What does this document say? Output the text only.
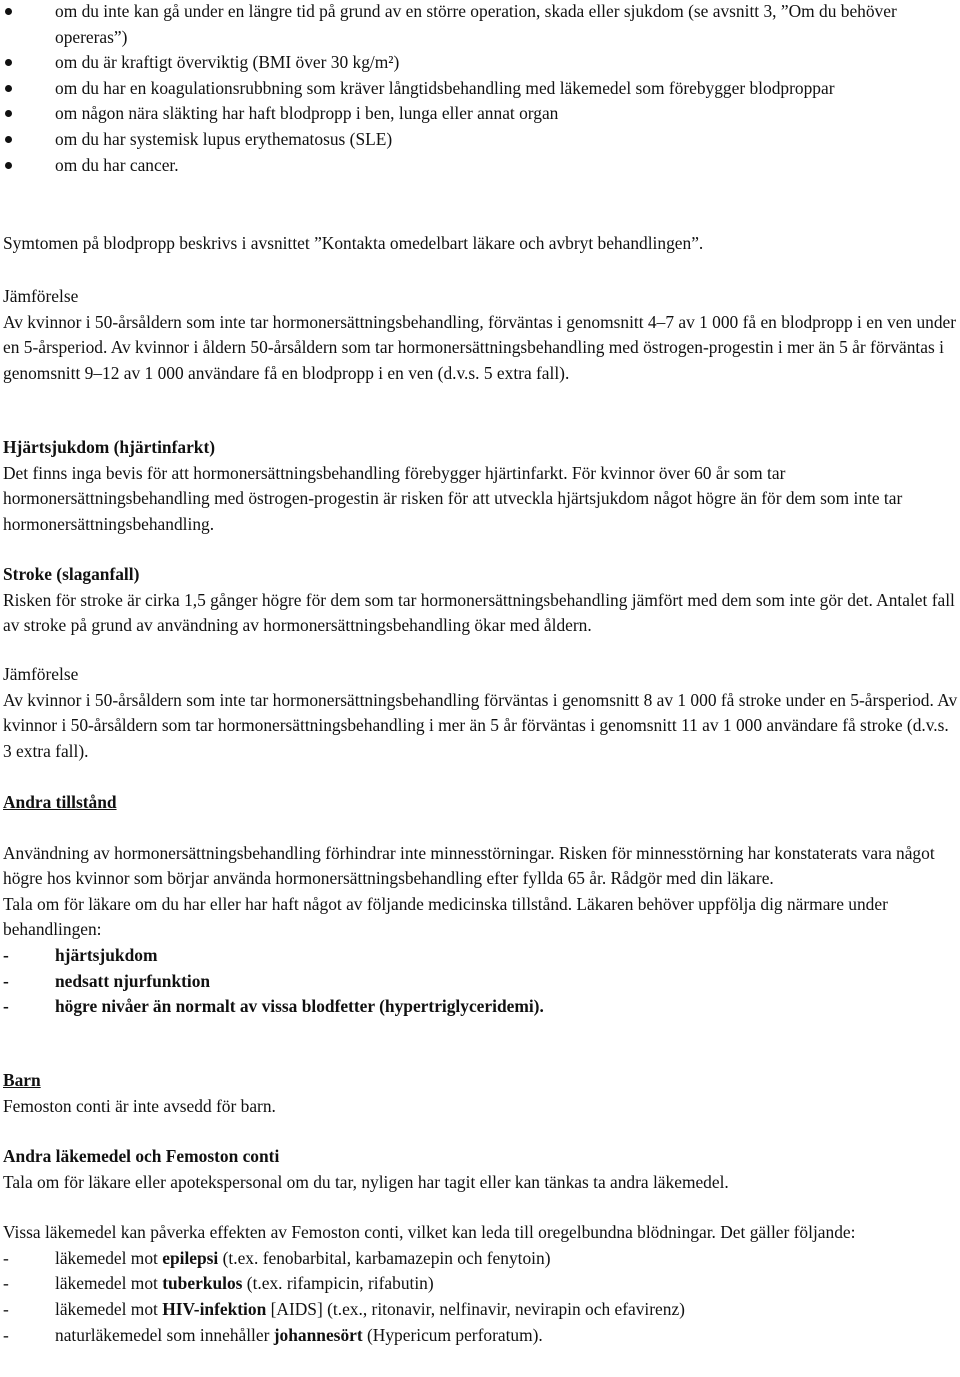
om du inte kan gå under en längre tid på grund av en större operation, skada eller sjukdom (se avsnitt 3, ”Om du behöver opereras”)
om du är kraftigt överviktig (BMI över 30 kg/m²)
om du har en koagulationsrubbning som kräver långtidsbehandling med läkemedel som förebygger blodproppar
om någon nära släkting har haft blodpropp i ben, lunga eller annat organ
om du har systemisk lupus erythematosus (SLE)
om du har cancer.

Symtomen på blodpropp beskrivs i avsnittet ”Kontakta omedelbart läkare och avbryt behandlingen”.

Jämförelse

Av kvinnor i 50-årsåldern som inte tar hormonersättningsbehandling, förväntas i genomsnitt 4–7 av 1 000 få en blodpropp i en ven under en 5-årsperiod. Av kvinnor i åldern 50-årsåldern som tar hormonersättningsbehandling med östrogen-progestin i mer än 5 år förväntas i genomsnitt 9–12 av 1 000 användare få en blodpropp i en ven (d.v.s. 5 extra fall).

Hjärtsjukdom (hjärtinfarkt)

Det finns inga bevis för att hormonersättningsbehandling förebygger hjärtinfarkt. För kvinnor över 60 år som tar hormonersättningsbehandling med östrogen-progestin är risken för att utveckla hjärtsjukdom något högre än för dem som inte tar hormonersättningsbehandling.

Stroke (slaganfall)

Risken för stroke är cirka 1,5 gånger högre för dem som tar hormonersättningsbehandling jämfört med dem som inte gör det. Antalet fall av stroke på grund av användning av hormonersättningsbehandling ökar med åldern.

Jämförelse

Av kvinnor i 50-årsåldern som inte tar hormonersättningsbehandling förväntas i genomsnitt 8 av 1 000 få stroke under en 5-årsperiod. Av kvinnor i 50-årsåldern som tar hormonersättningsbehandling i mer än 5 år förväntas i genomsnitt 11 av 1 000 användare få stroke (d.v.s. 3 extra fall).

Andra tillstånd

Användning av hormonersättningsbehandling förhindrar inte minnesstörningar. Risken för minnesstörning har konstaterats vara något högre hos kvinnor som börjar använda hormonersättningsbehandling efter fyllda 65 år. Rådgör med din läkare.

Tala om för läkare om du har eller har haft något av följande medicinska tillstånd. Läkaren behöver uppfölja dig närmare under behandlingen:

-	hjärtsjukdom
-	nedsatt njurfunktion
-	högre nivåer än normalt av vissa blodfetter (hypertriglyceridemi).

Barn

Femoston conti är inte avsedd för barn.

Andra läkemedel och Femoston conti

Tala om för läkare eller apotekspersonal om du tar, nyligen har tagit eller kan tänkas ta andra läkemedel.

Vissa läkemedel kan påverka effekten av Femoston conti, vilket kan leda till oregelbundna blödningar. Det gäller följande:

-	läkemedel mot epilepsi (t.ex. fenobarbital, karbamazepin och fenytoin)
-	läkemedel mot tuberkulos (t.ex. rifampicin, rifabutin)
-	läkemedel mot HIV-infektion [AIDS] (t.ex., ritonavir, nelfinavir, nevirapin och efavirenz)
-	naturläkemedel som innehåller johannesört (Hypericum perforatum).
